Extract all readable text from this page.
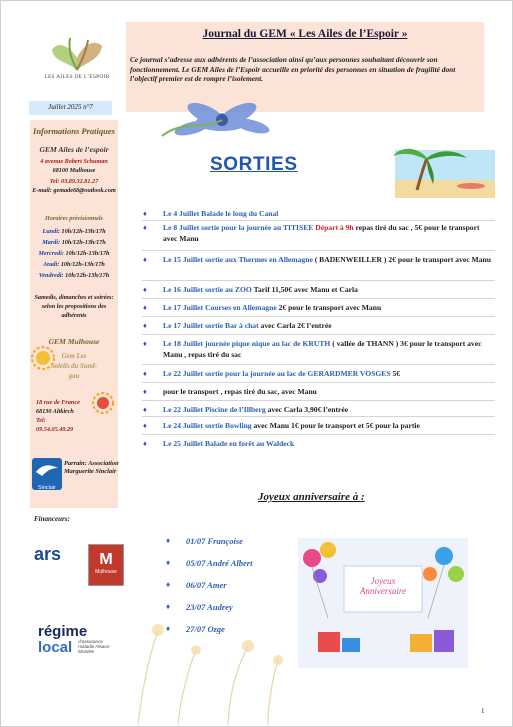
Journal du GEM « Les Ailes de l’Espoir »
Ce journal s’adresse aux adhérents de l’association ainsi qu’aux personnes souhaitant découvrir son fonctionnement. Le GEM Ailes de l’Espoir accueille en priorité des personnes en situation de fragilité dont l’objectif premier est de rompre l’isolement.
LES AILES DE L’ESPOIR
Juillet 2025 n°7
Informations Pratiques
GEM Ailes de l’espoir
4 avenue Robert Schuman
68100 Mulhouse
Tel: 03.89.32.81.27
E-mail: gemade68@outlook.com
Horaires prévisionnels
Lundi: 10h/12h-13h/17h
Mardi: 10h/12h-13h/17h
Mercredi: 10h/12h-13h/17h
Jeudi: 10h/12h-13h/17h
Vendredi: 10h/12h-13h/17h
Samedis, dimanches et soirées: selon les propositions des adhérents
GEM Mulhouse
Gem Les
Soleils du Sund-
gau
18 rue de France
68130 Altkirch
Tel:
09.54.05.49.29
Sinclair
Parrain: Association Marguerite Sinclair
Financeurs:
ars	M
Mulhouse
régime
local d’assurance maladie Alsace-Moselle
SORTIES
♦ Le 4 Juillet Balade le long du Canal
♦ Le 8 Juillet sortie pour la journée au TITISEE Départ à 9h repas tiré du sac , 5€ pour le transport avec Manu
♦ Le 15 Juillet sortie aux Thermes en Allemagne ( BADENWEILLER ) 2€ pour le transport avec Manu
♦ Le 16 Juillet sortie au ZOO Tarif 11,50€ avec Manu et Carla
♦ Le 17 Juillet Courses en Allemagne 2€ pour le transport avec Manu
♦ Le 17 Juillet sortie Bar à chat avec Carla 2€ l’entrée
♦ Le 18 Juillet journée pique nique au lac de KRUTH ( vallée de THANN ) 3€ pour le transport avec Manu , repas tiré du sac
♦ Le 22 Juillet sortie pour la journée au lac de GERARDMER VOSGES 5€
♦ pour le transport , repas tiré du sac, avec Manu
♦ Le 22 Juillet Piscine de l’Illberg avec Carla 3,90€ l’entrée
♦ Le 24 Juillet sortie Bowling avec Manu 1€ pour le transport et 5€ pour la partie
♦ Le 25 Juillet Balade en forêt au Waldeck
Joyeux anniversaire à :
♦ 01/07 Françoise
♦ 05/07 André Albert
♦ 06/07 Amer
♦ 23/07 Audrey
♦ 27/07 Ozge
Joyeux
Anniversaire
1
